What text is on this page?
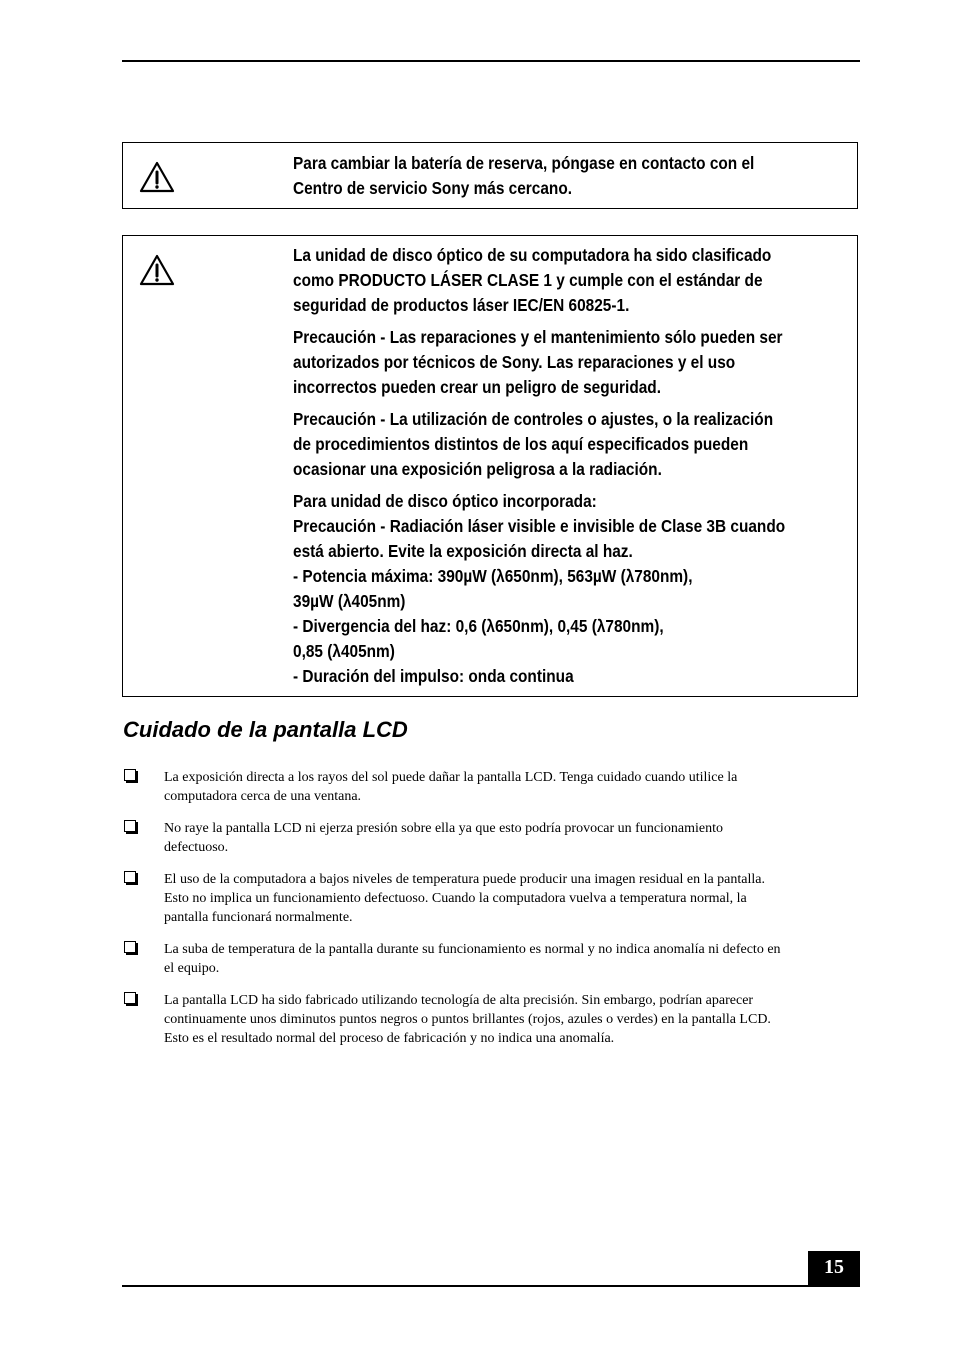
Para cambiar la batería de reserva, póngase en contacto con el
Centro de servicio Sony más cercano.

La unidad de disco óptico de su computadora ha sido clasificado
como PRODUCTO LÁSER CLASE 1 y cumple con el estándar de
seguridad de productos láser IEC/EN 60825-1.

Precaución - Las reparaciones y el mantenimiento sólo pueden ser
autorizados por técnicos de Sony. Las reparaciones y el uso
incorrectos pueden crear un peligro de seguridad.

Precaución - La utilización de controles o ajustes, o la realización
de procedimientos distintos de los aquí especificados pueden
ocasionar una exposición peligrosa a la radiación.

Para unidad de disco óptico incorporada:
Precaución - Radiación láser visible e invisible de Clase 3B cuando
está abierto. Evite la exposición directa al haz.
- Potencia máxima: 390µW (λ650nm), 563µW (λ780nm),
39µW (λ405nm)
- Divergencia del haz: 0,6 (λ650nm), 0,45 (λ780nm),
0,85 (λ405nm)
- Duración del impulso: onda continua

Cuidado de la pantalla LCD
La exposición directa a los rayos del sol puede dañar la pantalla LCD. Tenga cuidado cuando utilice la
computadora cerca de una ventana.
No raye la pantalla LCD ni ejerza presión sobre ella ya que esto podría provocar un funcionamiento
defectuoso.
El uso de la computadora a bajos niveles de temperatura puede producir una imagen residual en la pantalla.
Esto no implica un funcionamiento defectuoso. Cuando la computadora vuelva a temperatura normal, la
pantalla funcionará normalmente.
La suba de temperatura de la pantalla durante su funcionamiento es normal y no indica anomalía ni defecto en
el equipo.
La pantalla LCD ha sido fabricado utilizando tecnología de alta precisión. Sin embargo, podrían aparecer
continuamente unos diminutos puntos negros o puntos brillantes (rojos, azules o verdes) en la pantalla LCD.
Esto es el resultado normal del proceso de fabricación y no indica una anomalía.
15
